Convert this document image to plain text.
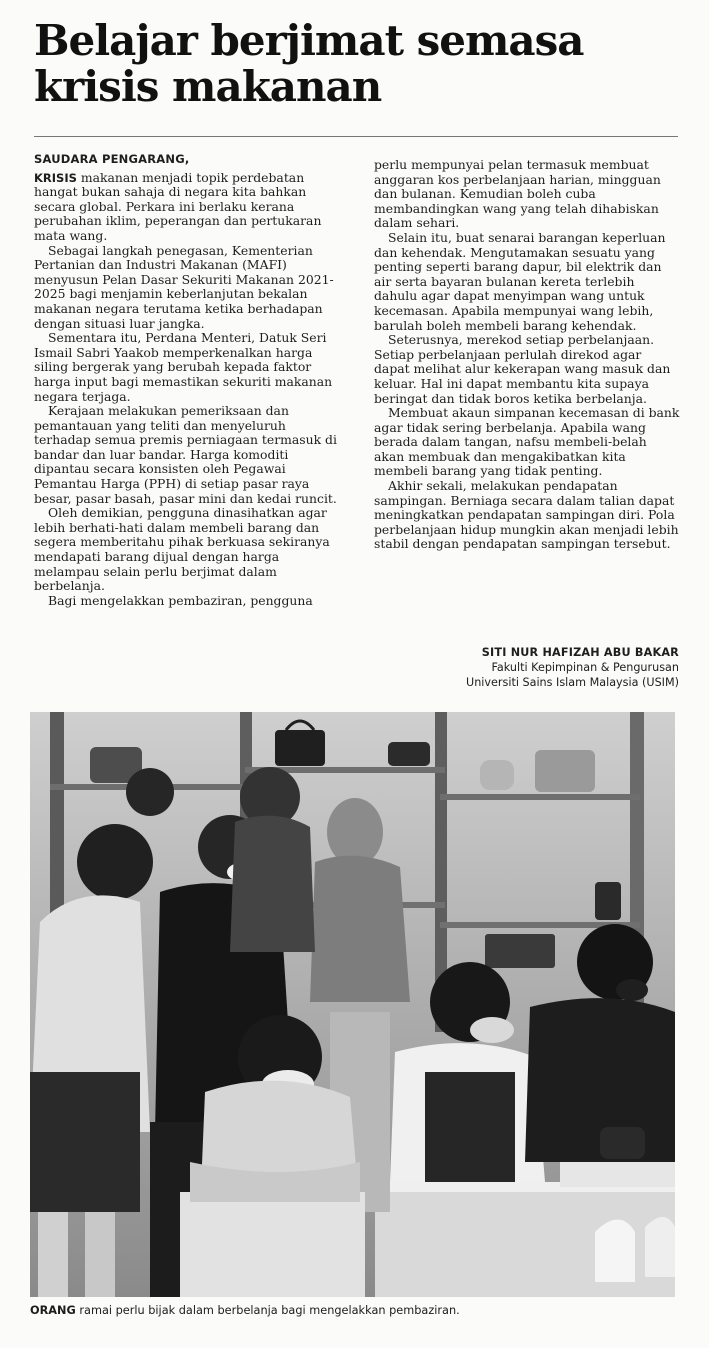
Belajar berjimat semasa
krisis makanan
SAUDARA PENGARANG,

KRISIS makanan menjadi topik perdebatan hangat bukan sahaja di negara kita bahkan secara global. Perkara ini berlaku kerana perubahan iklim, peperangan dan pertukaran mata wang.

Sebagai langkah penegasan, Kementerian Pertanian dan Industri Makanan (MAFI) menyusun Pelan Dasar Sekuriti Makanan 2021-2025 bagi menjamin keberlanjutan bekalan makanan negara terutama ketika berhadapan dengan situasi luar jangka.

Sementara itu, Perdana Menteri, Datuk Seri Ismail Sabri Yaakob memperkenalkan harga siling bergerak yang berubah kepada faktor harga input bagi memastikan sekuriti makanan negara terjaga.

Kerajaan melakukan pemeriksaan dan pemantauan yang teliti dan menyeluruh terhadap semua premis perniagaan termasuk di bandar dan luar bandar. Harga komoditi dipantau secara konsisten oleh Pegawai Pemantau Harga (PPH) di setiap pasar raya besar, pasar basah, pasar mini dan kedai runcit.

Oleh demikian, pengguna dinasihatkan agar lebih berhati-hati dalam membeli barang dan segera memberitahu pihak berkuasa sekiranya mendapati barang dijual dengan harga melampau selain perlu berjimat dalam berbelanja.

Bagi mengelakkan pembaziran, pengguna

perlu mempunyai pelan termasuk membuat anggaran kos perbelanjaan harian, mingguan dan bulanan. Kemudian boleh cuba membandingkan wang yang telah dihabiskan dalam sehari.

Selain itu, buat senarai barangan keperluan dan kehendak. Mengutamakan sesuatu yang penting seperti barang dapur, bil elektrik dan air serta bayaran bulanan kereta terlebih dahulu agar dapat menyimpan wang untuk kecemasan. Apabila mempunyai wang lebih, barulah boleh membeli barang kehendak.

Seterusnya, merekod setiap perbelanjaan. Setiap perbelanjaan perlulah direkod agar dapat melihat alur kekerapan wang masuk dan keluar. Hal ini dapat membantu kita supaya beringat dan tidak boros ketika berbelanja.

Membuat akaun simpanan kecemasan di bank agar tidak sering berbelanja. Apabila wang berada dalam tangan, nafsu membeli-belah akan membuak dan mengakibatkan kita membeli barang yang tidak penting.

Akhir sekali, melakukan pendapatan sampingan. Berniaga secara dalam talian dapat meningkatkan pendapatan sampingan diri. Pola perbelanjaan hidup mungkin akan menjadi lebih stabil dengan pendapatan sampingan tersebut.

SITI NUR HAFIZAH ABU BAKAR
Fakulti Kepimpinan & Pengurusan
Universiti Sains Islam Malaysia (USIM)
ORANG ramai perlu bijak dalam berbelanja bagi mengelakkan pembaziran.
